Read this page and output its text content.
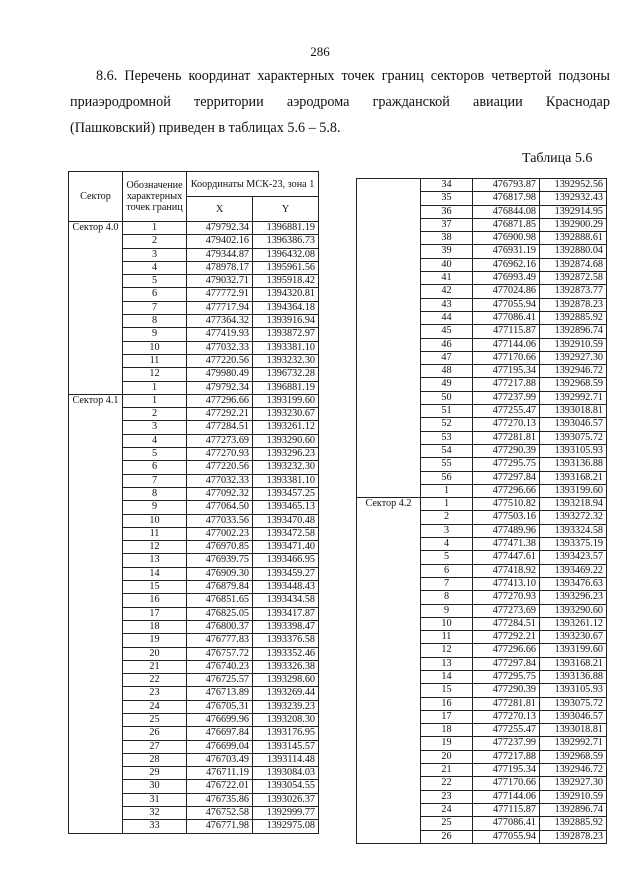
286
8.6. Перечень координат характерных точек границ секторов четвертой подзоны
приаэродромной территории аэродрома гражданской авиации Краснодар
(Пашковский) приведен в таблицах 5.6 – 5.8.
Таблица 5.6
Сектор	Обозначение характерных точек границ	Координаты МСК-23, зона 1	
		X	Y
Сектор 4.0	1	479792.34	1396881.19
	2	479402.16	1396386.73
	3	479344.87	1396432.08
	4	478978.17	1395961.56
	5	479032.71	1395918.42
	6	477772.91	1394320.81
	7	477717.94	1394364.18
	8	477364.32	1393916.94
	9	477419.93	1393872.97
	10	477032.33	1393381.10
	11	477220.56	1393232.30
	12	479980.49	1396732.28
	1	479792.34	1396881.19
Сектор 4.1	1	477296.66	1393199.60
	2	477292.21	1393230.67
	3	477284.51	1393261.12
	4	477273.69	1393290.60
	5	477270.93	1393296.23
	6	477220.56	1393232.30
	7	477032.33	1393381.10
	8	477092.32	1393457.25
	9	477064.50	1393465.13
	10	477033.56	1393470.48
	11	477002.23	1393472.58
	12	476970.85	1393471.40
	13	476939.75	1393466.95
	14	476909.30	1393459.27
	15	476879.84	1393448.43
	16	476851.65	1393434.58
	17	476825.05	1393417.87
	18	476800.37	1393398.47
	19	476777.83	1393376.58
	20	476757.72	1393352.46
	21	476740.23	1393326.38
	22	476725.57	1393298.60
	23	476713.89	1393269.44
	24	476705.31	1393239.23
	25	476699.96	1393208.30
	26	476697.84	1393176.95
	27	476699.04	1393145.57
	28	476703.49	1393114.48
	29	476711.19	1393084.03
	30	476722.01	1393054.55
	31	476735.86	1393026.37
	32	476752.58	1392999.77
	33	476771.98	1392975.08
	34	476793.87	1392952.56
	35	476817.98	1392932.43
	36	476844.08	1392914.95
	37	476871.85	1392900.29
	38	476900.98	1392888.61
	39	476931.19	1392880.04
	40	476962.16	1392874.68
	41	476993.49	1392872.58
	42	477024.86	1392873.77
	43	477055.94	1392878.23
	44	477086.41	1392885.92
	45	477115.87	1392896.74
	46	477144.06	1392910.59
	47	477170.66	1392927.30
	48	477195.34	1392946.72
	49	477217.88	1392968.59
	50	477237.99	1392992.71
	51	477255.47	1393018.81
	52	477270.13	1393046.57
	53	477281.81	1393075.72
	54	477290.39	1393105.93
	55	477295.75	1393136.88
	56	477297.84	1393168.21
	1	477296.66	1393199.60
Сектор 4.2	1	477510.82	1393218.94
	2	477503.16	1393272.32
	3	477489.96	1393324.58
	4	477471.38	1393375.19
	5	477447.61	1393423.57
	6	477418.92	1393469.22
	7	477413.10	1393476.63
	8	477270.93	1393296.23
	9	477273.69	1393290.60
	10	477284.51	1393261.12
	11	477292.21	1393230.67
	12	477296.66	1393199.60
	13	477297.84	1393168.21
	14	477295.75	1393136.88
	15	477290.39	1393105.93
	16	477281.81	1393075.72
	17	477270.13	1393046.57
	18	477255.47	1393018.81
	19	477237.99	1392992.71
	20	477217.88	1392968.59
	21	477195.34	1392946.72
	22	477170.66	1392927.30
	23	477144.06	1392910.59
	24	477115.87	1392896.74
	25	477086.41	1392885.92
	26	477055.94	1392878.23
